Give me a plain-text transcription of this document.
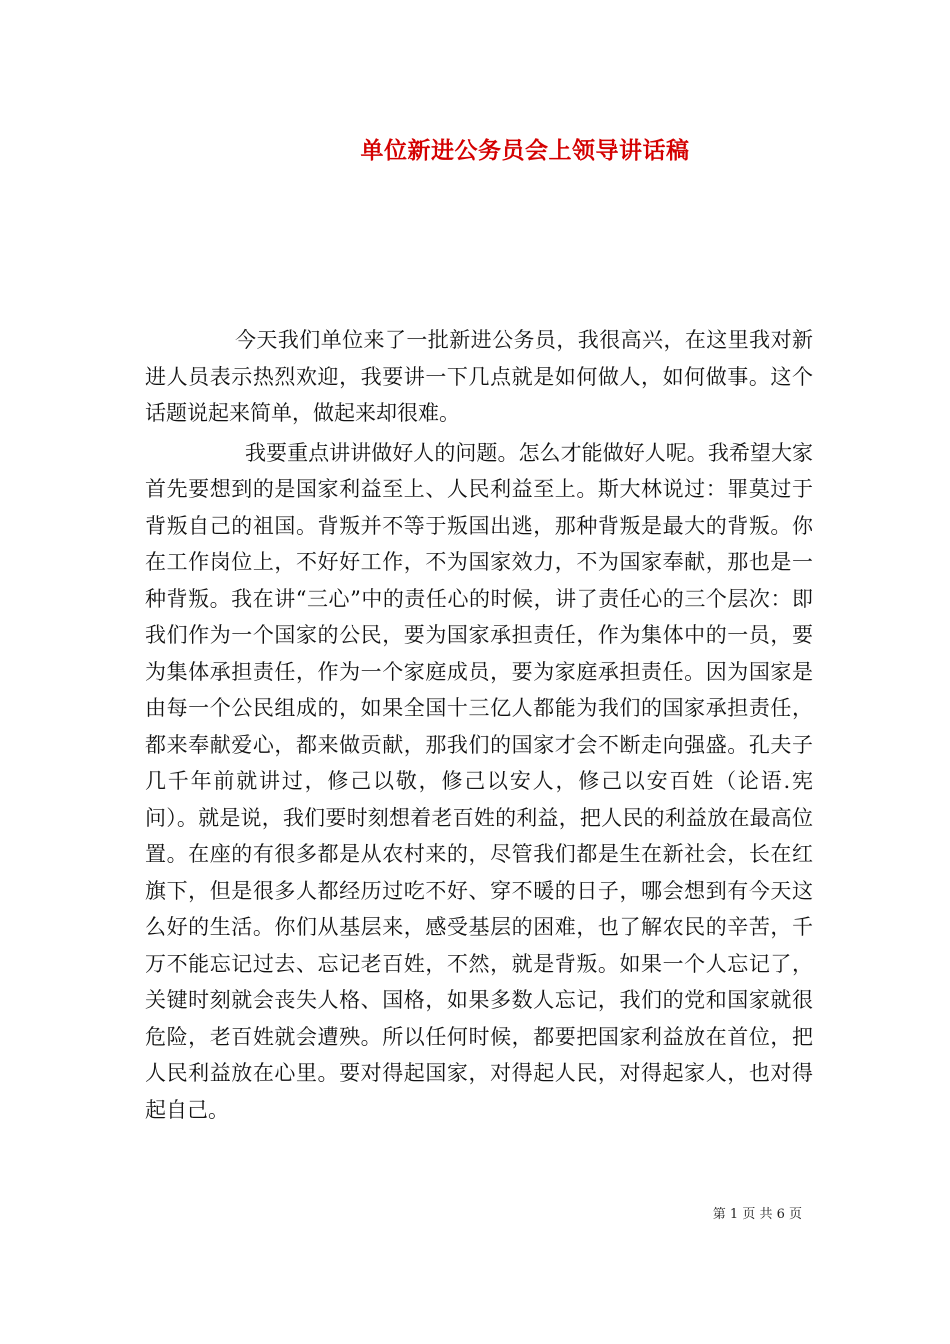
单位新进公务员会上领导讲话稿

今天我们单位来了一批新进公务员，我很高兴，在这里我对新进人员表示热烈欢迎，我要讲一下几点就是如何做人，如何做事。这个话题说起来简单，做起来却很难。

我要重点讲讲做好人的问题。怎么才能做好人呢。我希望大家首先要想到的是国家利益至上、人民利益至上。斯大林说过：罪莫过于背叛自己的祖国。背叛并不等于叛国出逃，那种背叛是最大的背叛。你在工作岗位上，不好好工作，不为国家效力，不为国家奉献，那也是一种背叛。我在讲“三心”中的责任心的时候，讲了责任心的三个层次：即我们作为一个国家的公民，要为国家承担责任，作为集体中的一员，要为集体承担责任，作为一个家庭成员，要为家庭承担责任。因为国家是由每一个公民组成的，如果全国十三亿人都能为我们的国家承担责任，都来奉献爱心，都来做贡献，那我们的国家才会不断走向强盛。孔夫子几千年前就讲过，修己以敬，修己以安人，修己以安百姓（论语.宪问）。就是说，我们要时刻想着老百姓的利益，把人民的利益放在最高位置。在座的有很多都是从农村来的，尽管我们都是生在新社会，长在红旗下，但是很多人都经历过吃不好、穿不暖的日子，哪会想到有今天这么好的生活。你们从基层来，感受基层的困难，也了解农民的辛苦，千万不能忘记过去、忘记老百姓，不然，就是背叛。如果一个人忘记了，关键时刻就会丧失人格、国格，如果多数人忘记，我们的党和国家就很危险，老百姓就会遭殃。所以任何时候，都要把国家利益放在首位，把人民利益放在心里。要对得起国家，对得起人民，对得起家人，也对得起自己。

第 1 页 共 6 页
